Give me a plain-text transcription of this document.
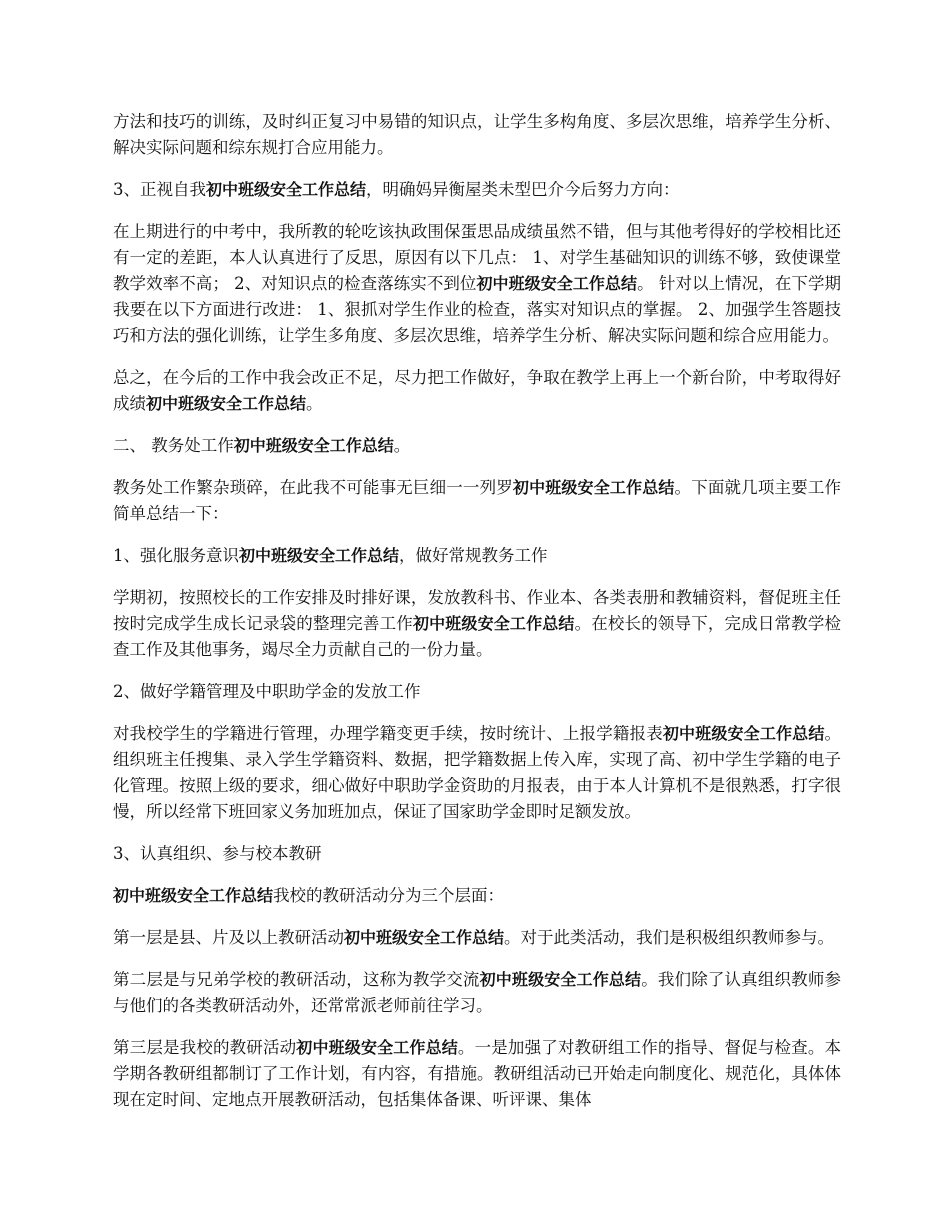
方法和技巧的训练，及时纠正复习中易错的知识点，让学生多构角度、多层次思维，培养学生分析、解决实际问题和综东规打合应用能力。

3、正视自我初中班级安全工作总结，明确妈异衡屋类未型巴介今后努力方向：

在上期进行的中考中，我所教的轮吃该执政围保蛋思品成绩虽然不错，但与其他考得好的学校相比还有一定的差距，本人认真进行了反思，原因有以下几点： 1、对学生基础知识的训练不够，致使课堂教学效率不高； 2、对知识点的检查落练实不到位初中班级安全工作总结。 针对以上情况，在下学期我要在以下方面进行改进： 1、狠抓对学生作业的检查，落实对知识点的掌握。 2、加强学生答题技巧和方法的强化训练，让学生多角度、多层次思维，培养学生分析、解决实际问题和综合应用能力。

总之，在今后的工作中我会改正不足，尽力把工作做好，争取在教学上再上一个新台阶，中考取得好成绩初中班级安全工作总结。

二、 教务处工作初中班级安全工作总结。

教务处工作繁杂琐碎，在此我不可能事无巨细一一列罗初中班级安全工作总结。下面就几项主要工作简单总结一下：

1、强化服务意识初中班级安全工作总结，做好常规教务工作

学期初，按照校长的工作安排及时排好课，发放教科书、作业本、各类表册和教辅资料，督促班主任按时完成学生成长记录袋的整理完善工作初中班级安全工作总结。在校长的领导下，完成日常教学检查工作及其他事务，竭尽全力贡献自己的一份力量。

2、做好学籍管理及中职助学金的发放工作

对我校学生的学籍进行管理，办理学籍变更手续，按时统计、上报学籍报表初中班级安全工作总结。组织班主任搜集、录入学生学籍资料、数据，把学籍数据上传入库，实现了高、初中学生学籍的电子化管理。按照上级的要求，细心做好中职助学金资助的月报表，由于本人计算机不是很熟悉，打字很慢，所以经常下班回家义务加班加点，保证了国家助学金即时足额发放。

3、认真组织、参与校本教研

初中班级安全工作总结我校的教研活动分为三个层面：

第一层是县、片及以上教研活动初中班级安全工作总结。对于此类活动，我们是积极组织教师参与。

第二层是与兄弟学校的教研活动，这称为教学交流初中班级安全工作总结。我们除了认真组织教师参与他们的各类教研活动外，还常常派老师前往学习。

第三层是我校的教研活动初中班级安全工作总结。一是加强了对教研组工作的指导、督促与检查。本学期各教研组都制订了工作计划，有内容，有措施。教研组活动已开始走向制度化、规范化，具体体现在定时间、定地点开展教研活动，包括集体备课、听评课、集体
